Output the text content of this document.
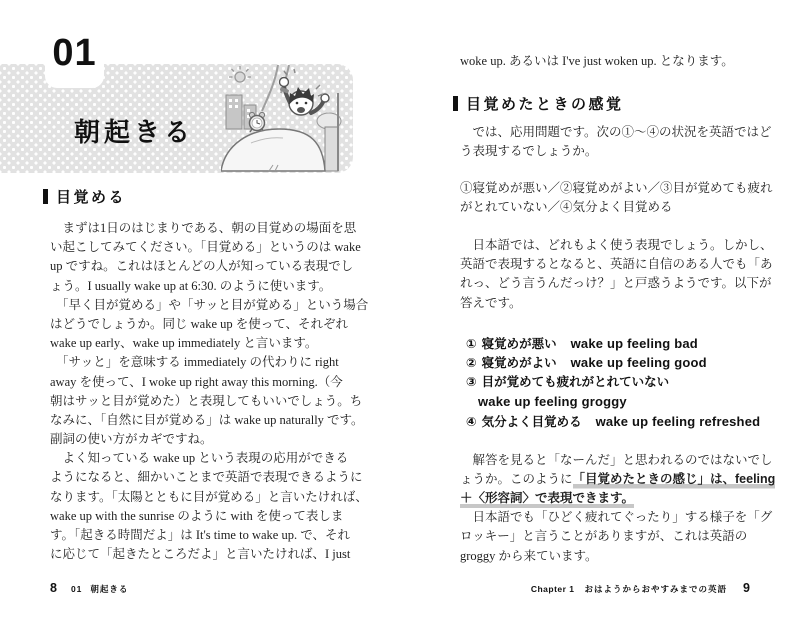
01
朝起きる
目覚める
まずは1日のはじまりである、朝の目覚めの場面を思
い起こしてみてください。「目覚める」というのは wake
up ですね。これはほとんどの人が知っている表現でし
ょう。I usually wake up at 6:30. のように使います。
「早く目が覚める」や「サッと目が覚める」という場合
はどうでしょうか。同じ wake up を使って、それぞれ
wake up early、wake up immediately と言います。
「サッと」を意味する immediately の代わりに right
away を使って、I woke up right away this morning.（今
朝はサッと目が覚めた）と表現してもいいでしょう。ち
なみに、「自然に目が覚める」は wake up naturally です。
副詞の使い方がカギですね。
よく知っている wake up という表現の応用ができる
ようになると、細かいことまで英語で表現できるように
なります。「太陽とともに目が覚める」と言いたければ、
wake up with the sunrise のように with を使って表しま
す。「起きる時間だよ」は It's time to wake up. で、それ
に応じて「起きたところだよ」と言いたければ、I just
8 01 朝起きる
woke up. あるいは I've just woken up. となります。
目覚めたときの感覚
では、応用問題です。次の①〜④の状況を英語ではど
う表現するでしょうか。
①寝覚めが悪い／②寝覚めがよい／③目が覚めても疲れ
がとれていない／④気分よく目覚める
日本語では、どれもよく使う表現でしょう。しかし、
英語で表現するとなると、英語に自信のある人でも「あ
れっ、どう言うんだっけ？」と戸惑うようです。以下が
答えです。
① 寝覚めが悪い wake up feeling bad
② 寝覚めがよい wake up feeling good
③ 目が覚めても疲れがとれていない
wake up feeling groggy
④ 気分よく目覚める wake up feeling refreshed
解答を見ると「なーんだ」と思われるのではないでし
ょうか。このように「目覚めたときの感じ」は、feeling
＋〈形容詞〉で表現できます。
日本語でも「ひどく疲れてぐったり」する様子を「グ
ロッキー」と言うことがありますが、これは英語の
groggy から来ています。
Chapter 1 おはようからおやすみまでの英語 9
